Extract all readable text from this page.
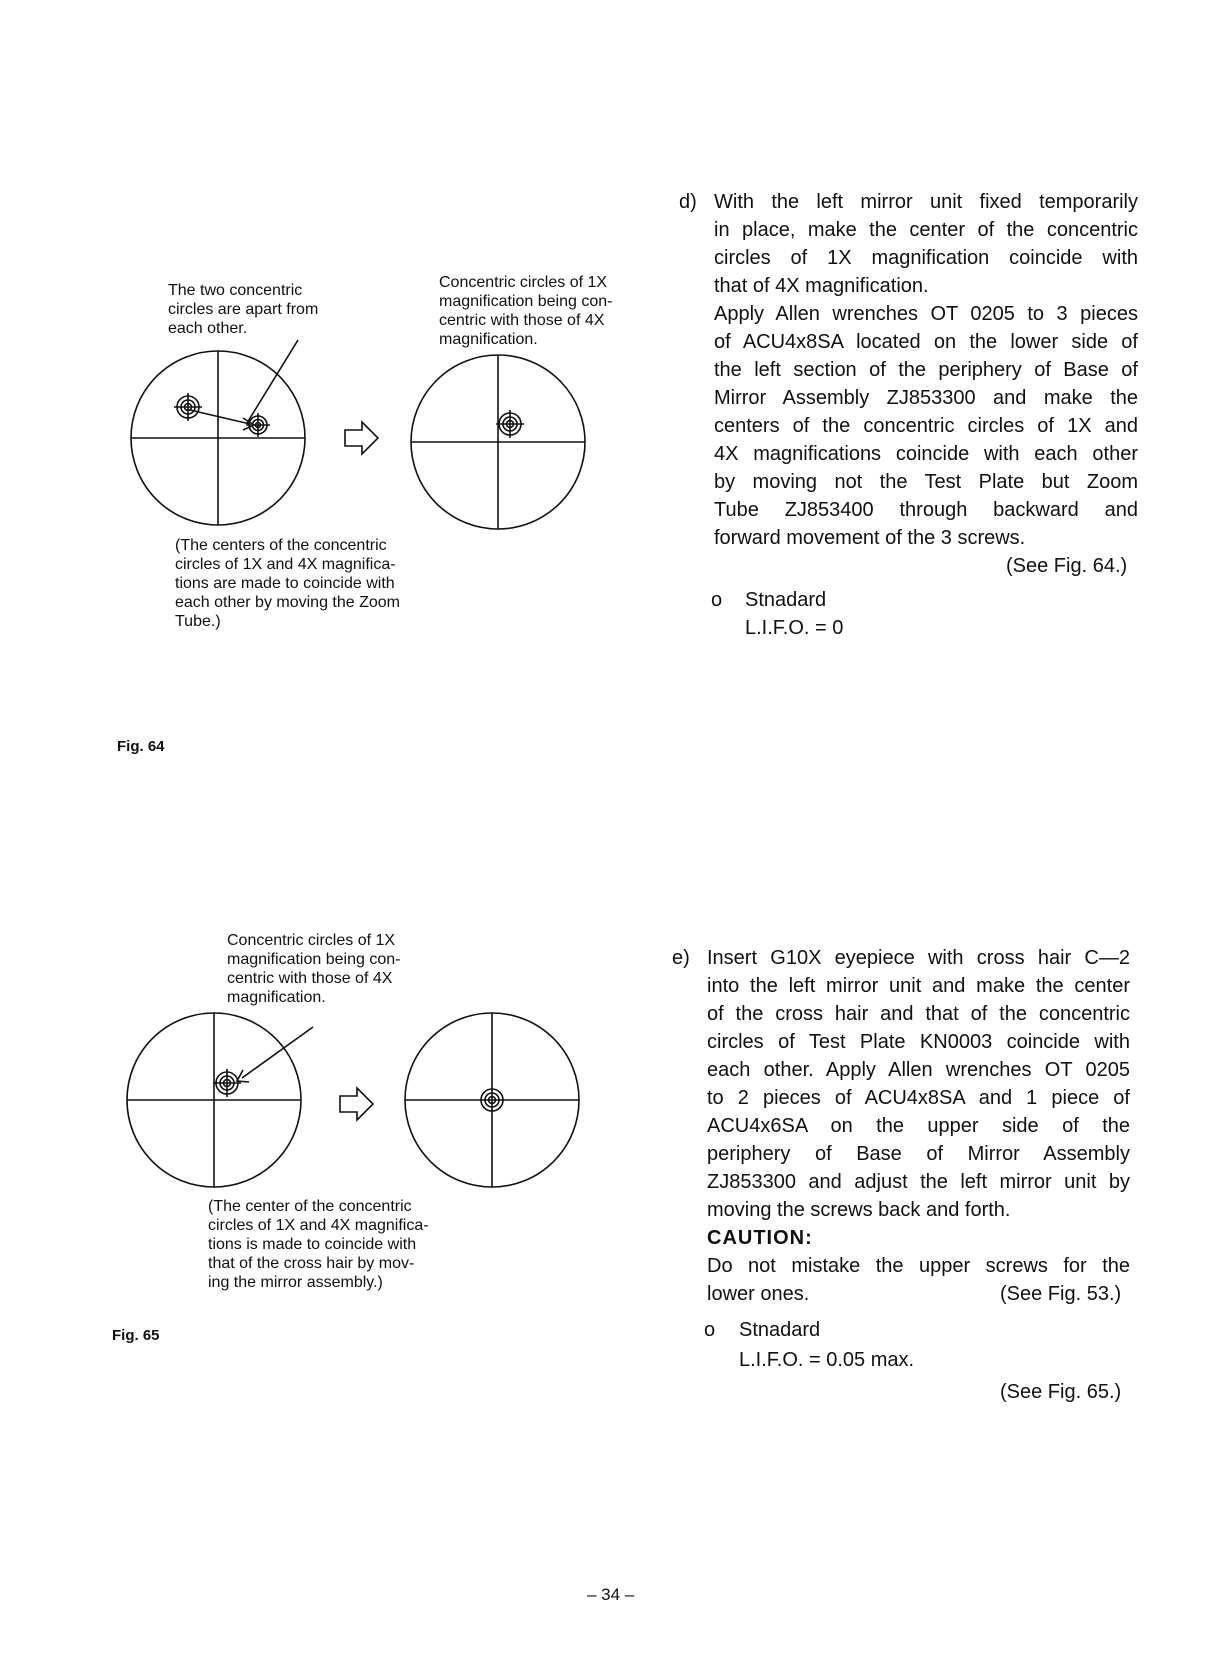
The two concentric
circles are apart from
each other.
Concentric circles of 1X
magnification being con-
centric with those of 4X
magnification.
(The centers of the concentric
circles of 1X and 4X magnifica-
tions are made to coincide with
each other by moving the Zoom
Tube.)
Fig. 64
d) With the left mirror unit fixed temporarily
in place, make the center of the concentric
circles of 1X magnification coincide with
that of 4X magnification.
Apply Allen wrenches OT 0205 to 3 pieces
of ACU4x8SA located on the lower side of
the left section of the periphery of Base of
Mirror Assembly ZJ853300 and make the
centers of the concentric circles of 1X and
4X magnifications coincide with each other
by moving not the Test Plate but Zoom
Tube ZJ853400 through backward and
forward movement of the 3 screws.
(See Fig. 64.)
o Stnadard
L.I.F.O. = 0
Concentric circles of 1X
magnification being con-
centric with those of 4X
magnification.
(The center of the concentric
circles of 1X and 4X magnifica-
tions is made to coincide with
that of the cross hair by mov-
ing the mirror assembly.)
Fig. 65
e) Insert G10X eyepiece with cross hair C—2
into the left mirror unit and make the center
of the cross hair and that of the concentric
circles of Test Plate KN0003 coincide with
each other. Apply Allen wrenches OT 0205
to 2 pieces of ACU4x8SA and 1 piece of
ACU4x6SA on the upper side of the
periphery of Base of Mirror Assembly
ZJ853300 and adjust the left mirror unit by
moving the screws back and forth.
CAUTION:
Do not mistake the upper screws for the
lower ones.	(See Fig. 53.)
o Stnadard
L.I.F.O. = 0.05 max.
(See Fig. 65.)
– 34 –
